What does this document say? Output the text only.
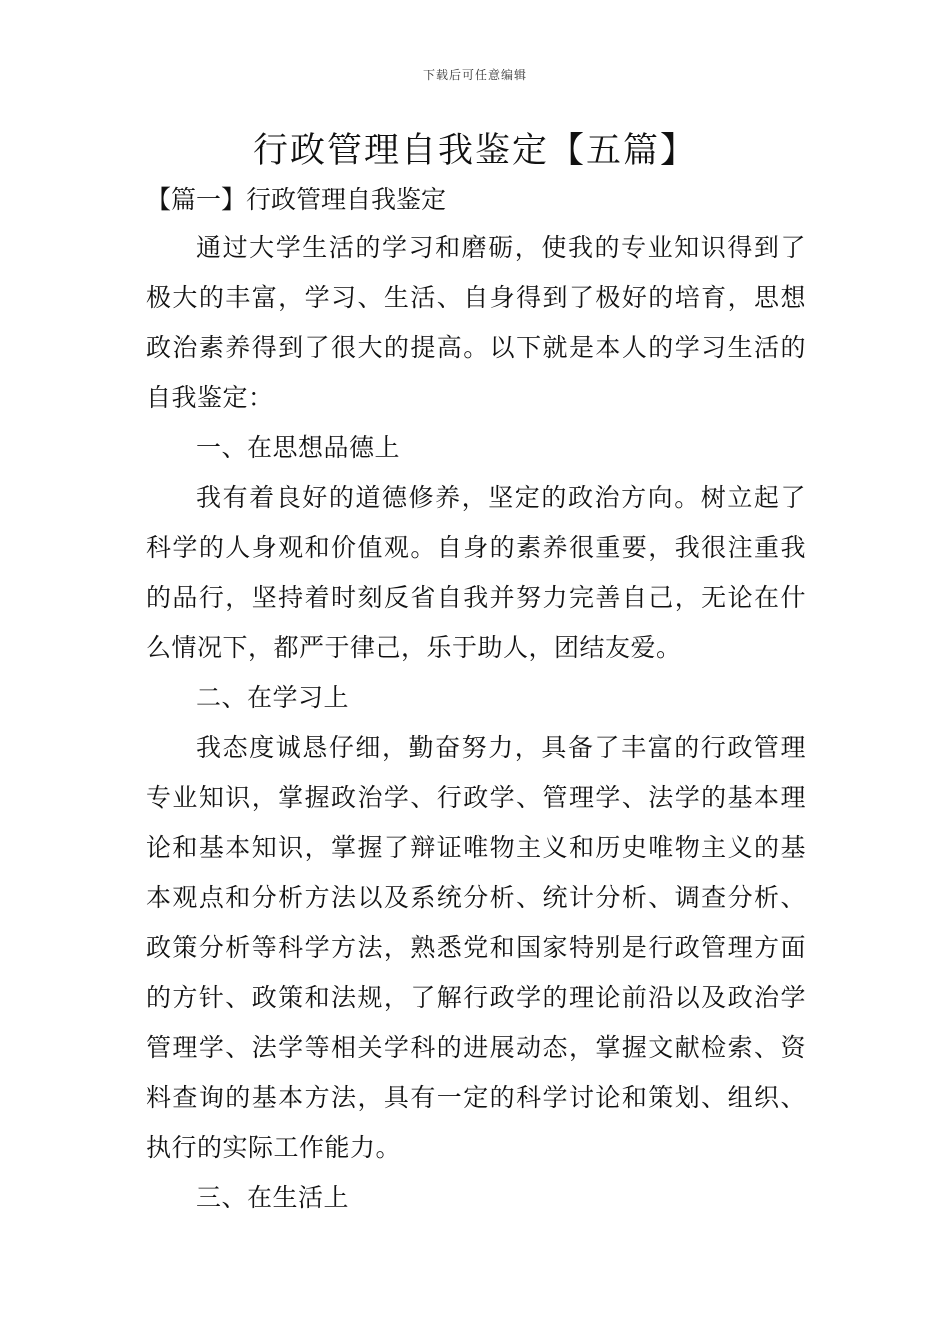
下载后可任意编辑
行政管理自我鉴定【五篇】
【篇一】行政管理自我鉴定

通过大学生活的学习和磨砺，使我的专业知识得到了极大的丰富，学习、生活、自身得到了极好的培育，思想政治素养得到了很大的提高。以下就是本人的学习生活的自我鉴定：

一、在思想品德上

我有着良好的道德修养，坚定的政治方向。树立起了科学的人身观和价值观。自身的素养很重要，我很注重我的品行，坚持着时刻反省自我并努力完善自己，无论在什么情况下，都严于律己，乐于助人，团结友爱。

二、在学习上

我态度诚恳仔细，勤奋努力，具备了丰富的行政管理专业知识，掌握政治学、行政学、管理学、法学的基本理论和基本知识，掌握了辩证唯物主义和历史唯物主义的基本观点和分析方法以及系统分析、统计分析、调查分析、政策分析等科学方法，熟悉党和国家特别是行政管理方面的方针、政策和法规，了解行政学的理论前沿以及政治学管理学、法学等相关学科的进展动态，掌握文献检索、资料查询的基本方法，具有一定的科学讨论和策划、组织、执行的实际工作能力。

三、在生活上
